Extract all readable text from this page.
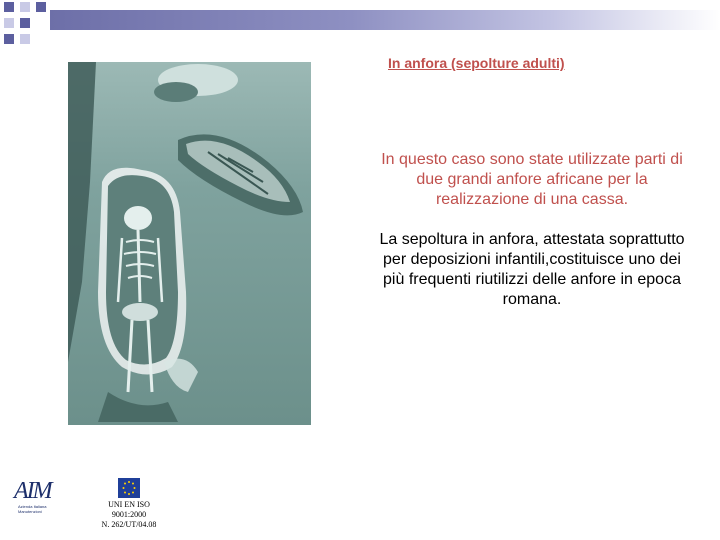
In anfora (sepolture adulti)
In questo caso sono state utilizzate parti di due grandi anfore africane per la realizzazione di una cassa.
La sepoltura in anfora, attestata soprattutto per deposizioni infantili,costituisce uno dei più frequenti riutilizzi delle anfore in epoca romana.
AIM
Azienda Italiana Manutenzioni
UNI EN ISO 9001:2000
N. 262/UT/04.08
